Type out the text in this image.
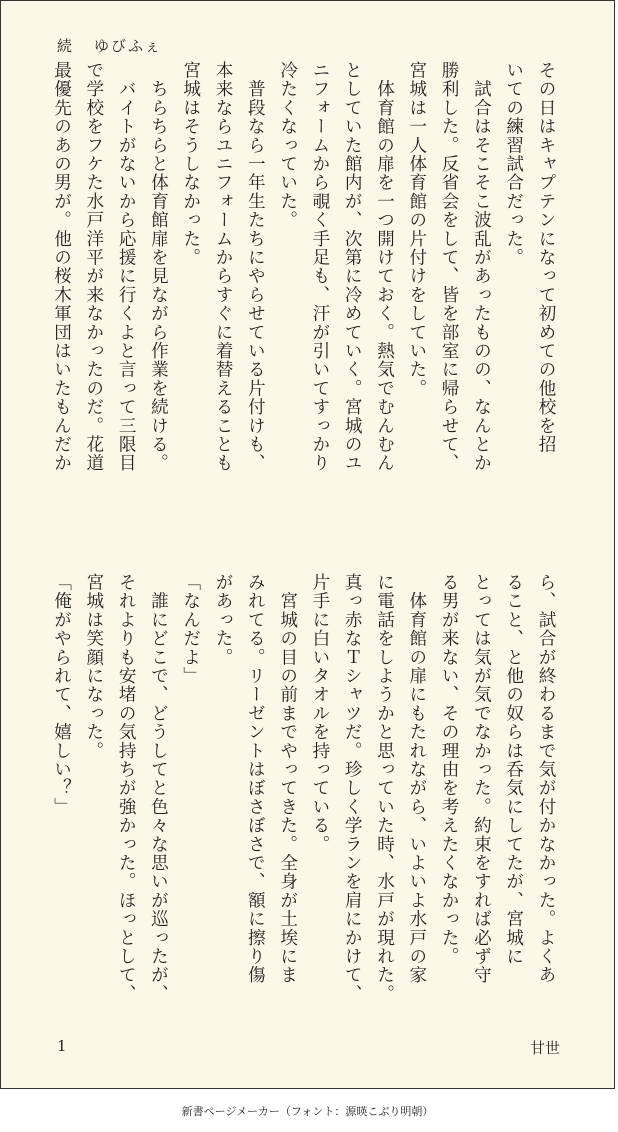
続 ゆびふぇ

その日はキャプテンになって初めての他校を招

いての練習試合だった。

　試合はそこそこ波乱があったものの、なんとか

勝利した。反省会をして、皆を部室に帰らせて、

宮城は一人体育館の片付けをしていた。

　体育館の扉を一つ開けておく。熱気でむんむん

としていた館内が、次第に冷めていく。宮城のユ

ニフォームから覗く手足も、汗が引いてすっかり

冷たくなっていた。

　普段なら一年生たちにやらせている片付けも、

本来ならユニフォームからすぐに着替えることも

宮城はそうしなかった。

　ちらちらと体育館扉を見ながら作業を続ける。

　バイトがないから応援に行くよと言って三限目

で学校をフケた水戸洋平が来なかったのだ。花道

最優先のあの男が。他の桜木軍団はいたもんだか

ら、試合が終わるまで気が付かなかった。よくあ

ること、と他の奴らは呑気にしてたが、宮城に

とっては気が気でなかった。約束をすれば必ず守

る男が来ない、その理由を考えたくなかった。

　体育館の扉にもたれながら、いよいよ水戸の家

に電話をしようかと思っていた時、水戸が現れた。

真っ赤なＴシャツだ。珍しく学ランを肩にかけて、

片手に白いタオルを持っている。

　宮城の目の前までやってきた。全身が土埃にま

みれてる。リーゼントはぼさぼさで、額に擦り傷

があった。

「なんだよ」

　誰にどこで、どうしてと色々な思いが巡ったが、

それよりも安堵の気持ちが強かった。ほっとして、

宮城は笑顔になった。

「俺がやられて、嬉しい？」

1	甘世
新書ページメーカー（フォント：源暎こぶり明朝）
